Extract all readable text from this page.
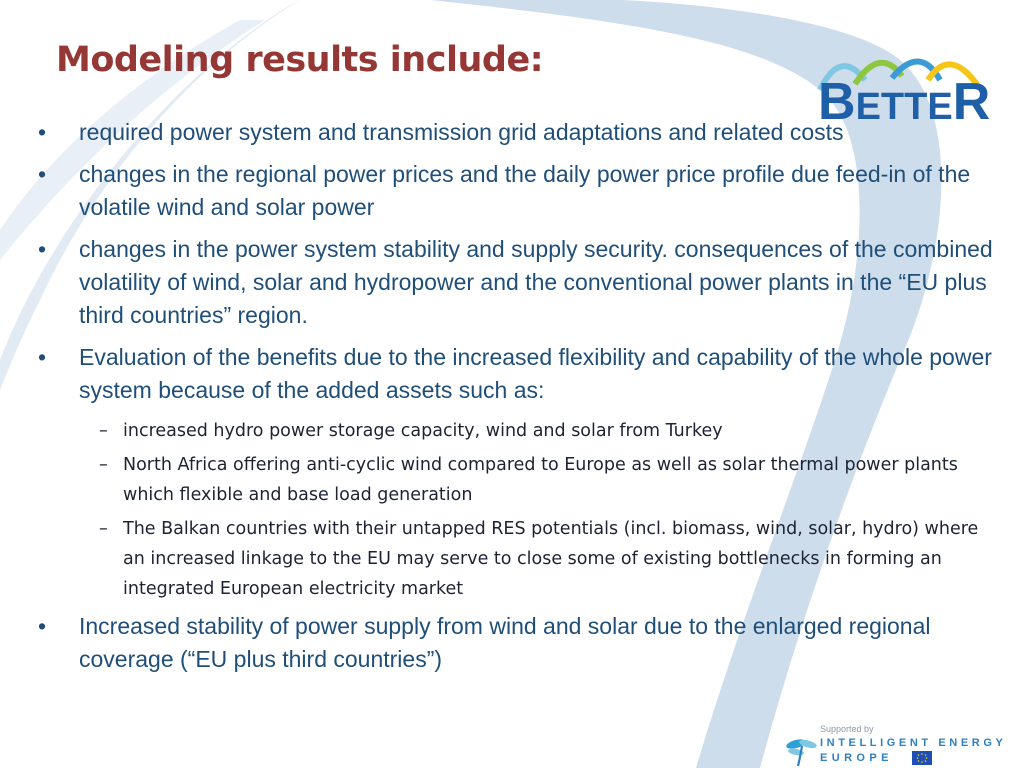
Modeling results include:
BETTER
•	required power system and transmission grid adaptations and related costs
•	changes in the regional power prices and the daily power price profile due feed-in of the volatile wind and solar power
•	changes in the power system stability and supply security. consequences of the combined volatility of wind, solar and hydropower and the conventional power plants in the “EU plus third countries” region.
•	Evaluation of the benefits due to the increased flexibility and capability of the whole power system because of the added assets such as:
– increased hydro power storage capacity, wind and solar from Turkey
– North Africa offering anti-cyclic wind compared to Europe as well as solar thermal power plants which flexible and base load generation
– The Balkan countries with their untapped RES potentials (incl. biomass, wind, solar, hydro) where an increased linkage to the EU may serve to close some of existing bottlenecks in forming an integrated European electricity market
•	Increased stability of power supply from wind and solar due to the enlarged regional coverage (“EU plus third countries”)
Supported by
INTELLIGENT ENERGY
EUROPE
